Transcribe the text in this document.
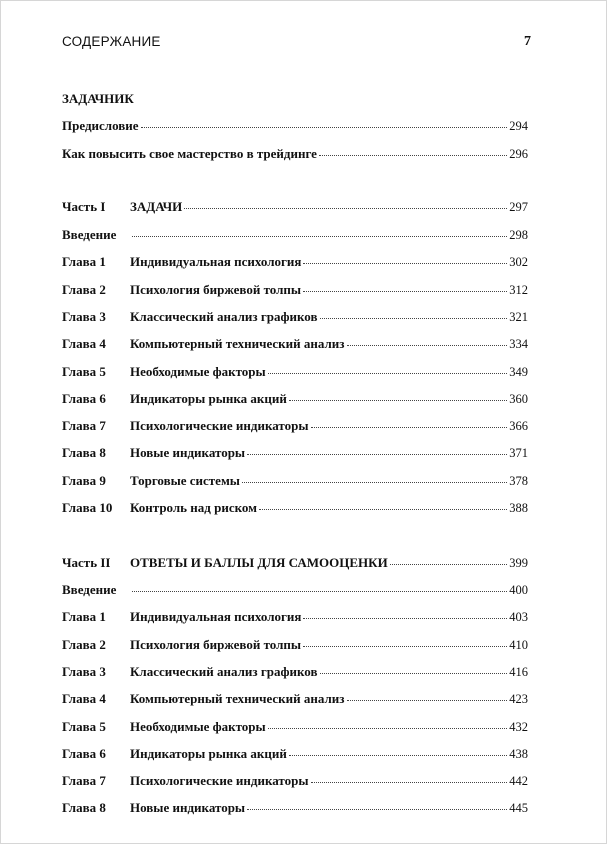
СОДЕРЖАНИЕ	7
ЗАДАЧНИК
Предисловие	294
Как повысить свое мастерство в трейдинге	296
Часть I ЗАДАЧИ	297
Введение	298
Глава 1 Индивидуальная психология	302
Глава 2 Психология биржевой толпы	312
Глава 3 Классический анализ графиков	321
Глава 4 Компьютерный технический анализ	334
Глава 5 Необходимые факторы	349
Глава 6 Индикаторы рынка акций	360
Глава 7 Психологические индикаторы	366
Глава 8 Новые индикаторы	371
Глава 9 Торговые системы	378
Глава 10 Контроль над риском	388
Часть II ОТВЕТЫ И БАЛЛЫ ДЛЯ САМООЦЕНКИ	399
Введение	400
Глава 1 Индивидуальная психология	403
Глава 2 Психология биржевой толпы	410
Глава 3 Классический анализ графиков	416
Глава 4 Компьютерный технический анализ	423
Глава 5 Необходимые факторы	432
Глава 6 Индикаторы рынка акций	438
Глава 7 Психологические индикаторы	442
Глава 8 Новые индикаторы	445
